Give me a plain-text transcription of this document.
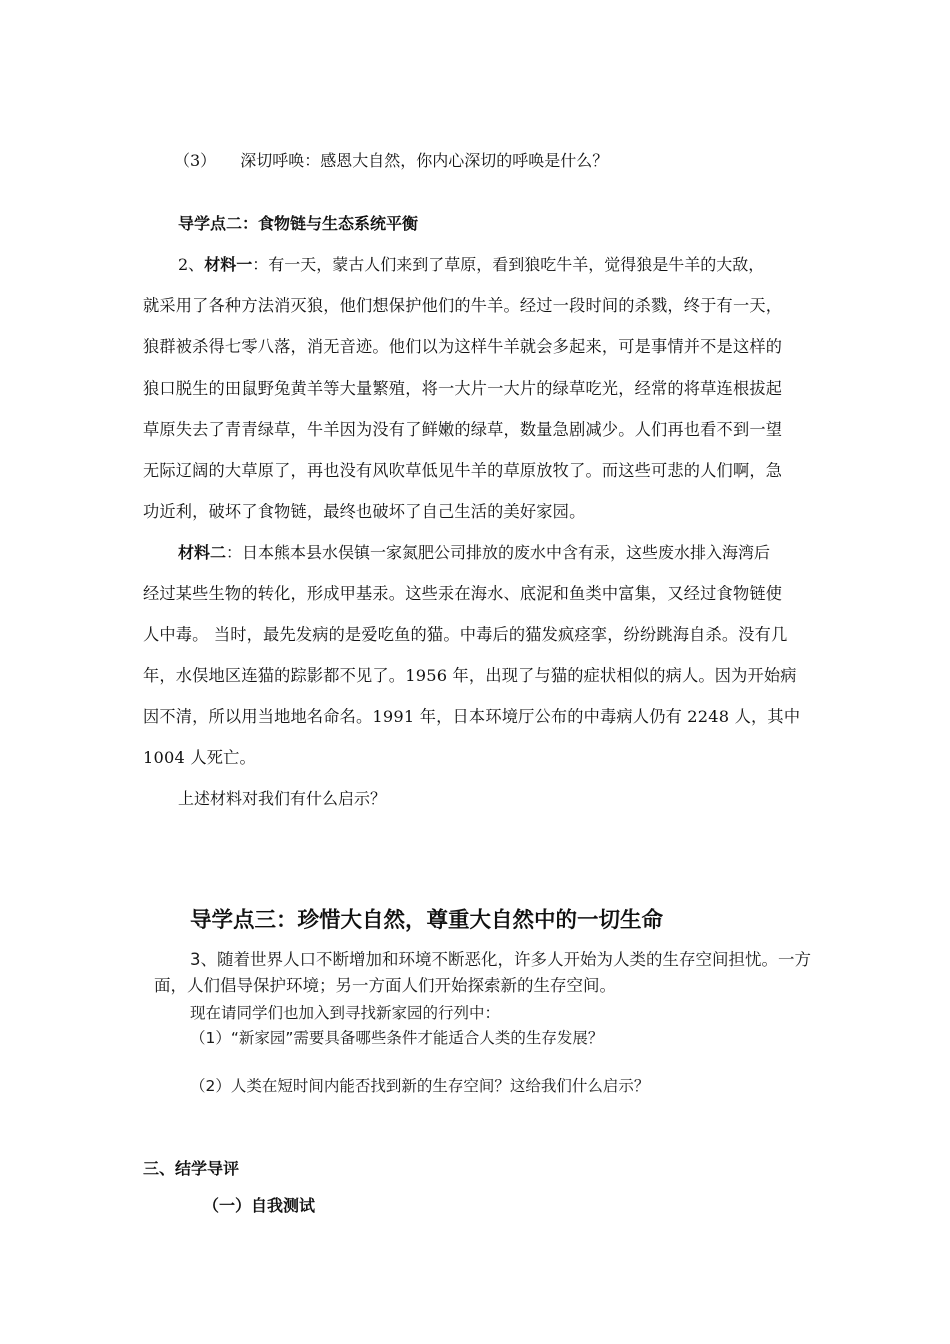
（3） 深切呼唤：感恩大自然，你内心深切的呼唤是什么？
导学点二：食物链与生态系统平衡
2、材料一：有一天，蒙古人们来到了草原，看到狼吃牛羊，觉得狼是牛羊的大敌，
就采用了各种方法消灭狼，他们想保护他们的牛羊。经过一段时间的杀戮，终于有一天，
狼群被杀得七零八落，消无音迹。他们以为这样牛羊就会多起来，可是事情并不是这样的
狼口脱生的田鼠野兔黄羊等大量繁殖，将一大片一大片的绿草吃光，经常的将草连根拔起
草原失去了青青绿草，牛羊因为没有了鲜嫩的绿草，数量急剧减少。人们再也看不到一望
无际辽阔的大草原了，再也没有风吹草低见牛羊的草原放牧了。而这些可悲的人们啊，急
功近利，破坏了食物链，最终也破坏了自己生活的美好家园。
材料二：日本熊本县水俣镇一家氮肥公司排放的废水中含有汞，这些废水排入海湾后
经过某些生物的转化，形成甲基汞。这些汞在海水、底泥和鱼类中富集，又经过食物链使
人中毒。 当时，最先发病的是爱吃鱼的猫。中毒后的猫发疯痉挛，纷纷跳海自杀。没有几
年，水俣地区连猫的踪影都不见了。1956 年，出现了与猫的症状相似的病人。因为开始病
因不清，所以用当地地名命名。1991 年，日本环境厅公布的中毒病人仍有 2248 人，其中
1004 人死亡。
上述材料对我们有什么启示？
导学点三：珍惜大自然，尊重大自然中的一切生命
3、随着世界人口不断增加和环境不断恶化，许多人开始为人类的生存空间担忧。一方
面，人们倡导保护环境；另一方面人们开始探索新的生存空间。
现在请同学们也加入到寻找新家园的行列中：
（1）“新家园”需要具备哪些条件才能适合人类的生存发展？
（2）人类在短时间内能否找到新的生存空间？这给我们什么启示？
三、结学导评
（一）自我测试
